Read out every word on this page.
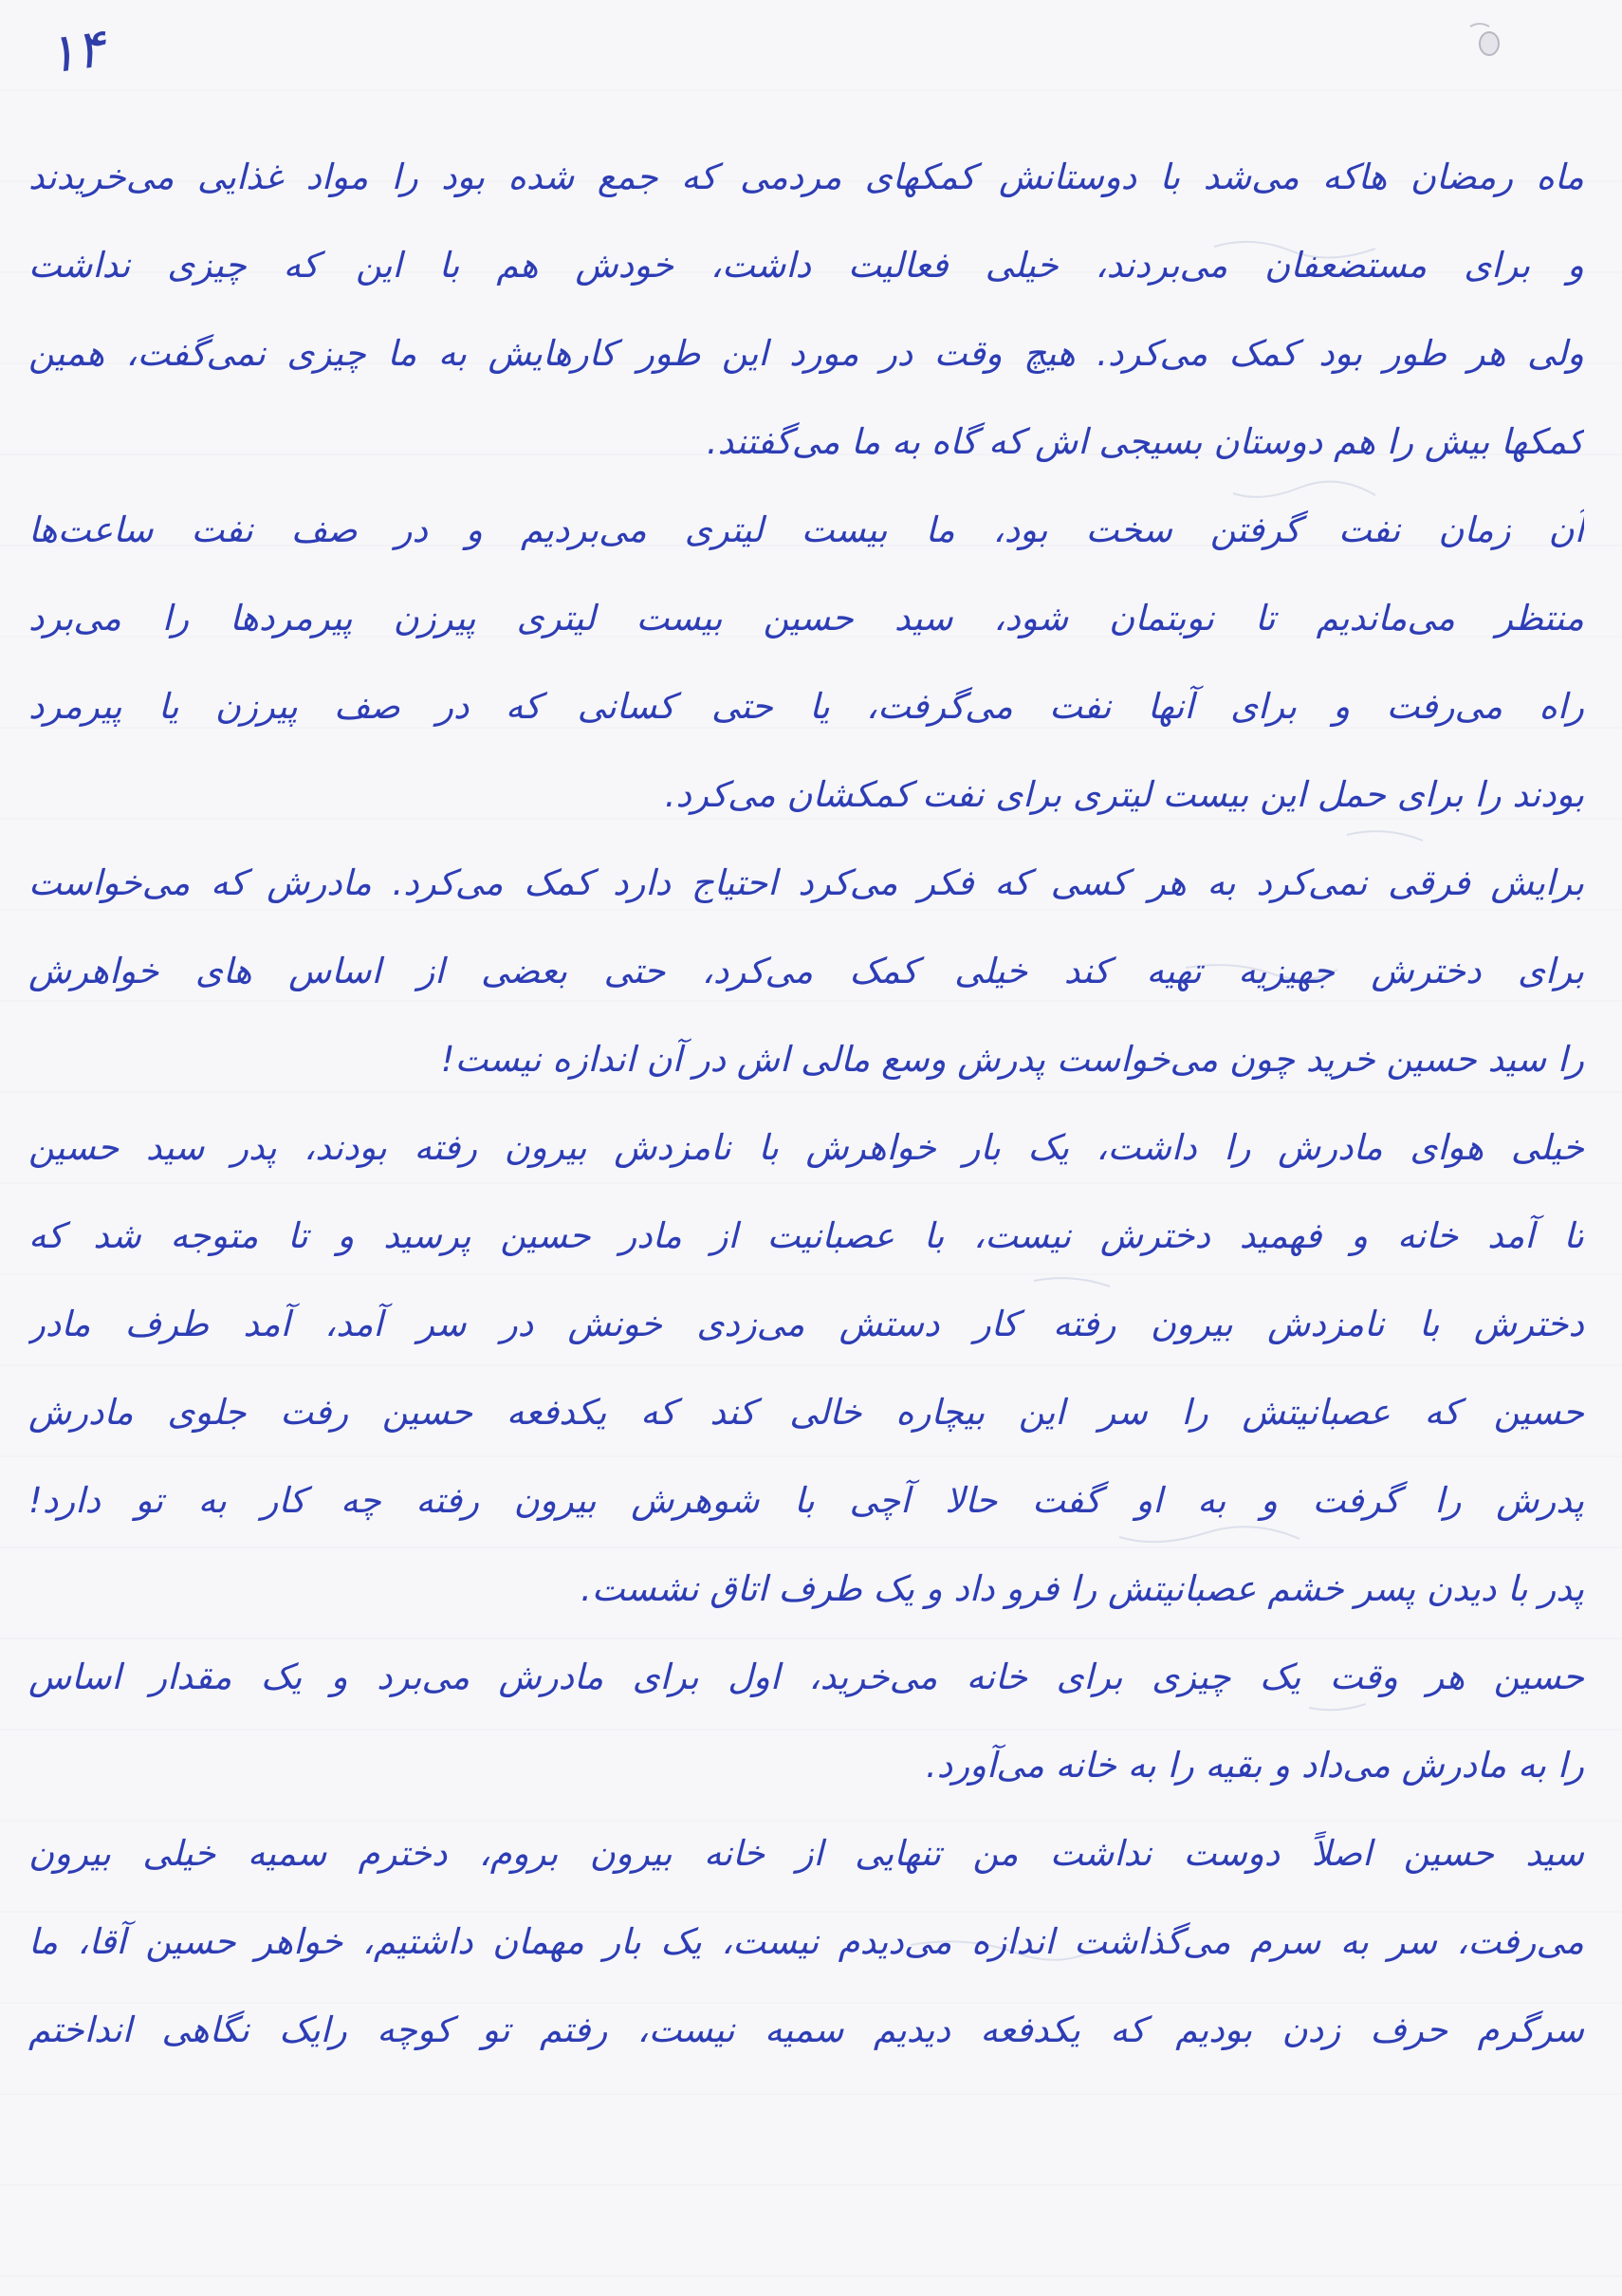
۱۴
ماه رمضان هاکه می‌شد با دوستانش کمکهای مردمی که جمع شده بود را مواد غذایی می‌خریدند
و برای مستضعفان می‌بردند، خیلی فعالیت داشت، خودش هم با این که چیزی نداشت
ولی هر طور بود کمک می‌کرد. هیچ وقت در مورد این طور کارهایش به ما چیزی نمی‌گفت، همین
کمکها بیش را هم دوستان بسیجی اش که گاه به ما می‌گفتند.
آن زمان نفت گرفتن سخت بود، ما بیست لیتری می‌بردیم و در صف نفت ساعت‌ها
منتظر می‌ماندیم تا نوبتمان شود، سید حسین بیست لیتری پیرزن پیرمردها را می‌برد
راه می‌رفت و برای آنها نفت می‌گرفت، یا حتی کسانی که در صف پیرزن یا پیرمرد
بودند را برای حمل این بیست لیتری برای نفت کمکشان می‌کرد.
برایش فرقی نمی‌کرد به هر کسی که فکر می‌کرد احتیاج دارد کمک می‌کرد. مادرش که می‌خواست
برای دخترش جهیزیه تهیه کند خیلی کمک می‌کرد، حتی بعضی از اساس های خواهرش
را سید حسین خرید چون می‌خواست پدرش وسع مالی اش در آن اندازه نیست!
خیلی هوای مادرش را داشت، یک بار خواهرش با نامزدش بیرون رفته بودند، پدر سید حسین
تا آمد خانه و فهمید دخترش نیست، با عصبانیت از مادر حسین پرسید و تا متوجه شد که
دخترش با نامزدش بیرون رفته کار دستش می‌زدی خونش در سر آمد، آمد طرف مادر
حسین که عصبانیتش را سر این بیچاره خالی کند که یکدفعه حسین رفت جلوی مادرش
پدرش را گرفت و به او گفت حالا آچی با شوهرش بیرون رفته چه کار به تو دارد!
پدر با دیدن پسر خشم عصبانیتش را فرو داد و یک طرف اتاق نشست.
حسین هر وقت یک چیزی برای خانه می‌خرید، اول برای مادرش می‌برد و یک مقدار اساس
را به مادرش می‌داد و بقیه را به خانه می‌آورد.
سید حسین اصلاً دوست نداشت من تنهایی از خانه بیرون بروم، دخترم سمیه خیلی بیرون
می‌رفت، سر به سرم می‌گذاشت اندازه می‌دیدم نیست، یک بار مهمان داشتیم، خواهر حسین آقا، ما
سرگرم حرف زدن بودیم که یکدفعه دیدیم سمیه نیست، رفتم تو کوچه رایک نگاهی انداختم
